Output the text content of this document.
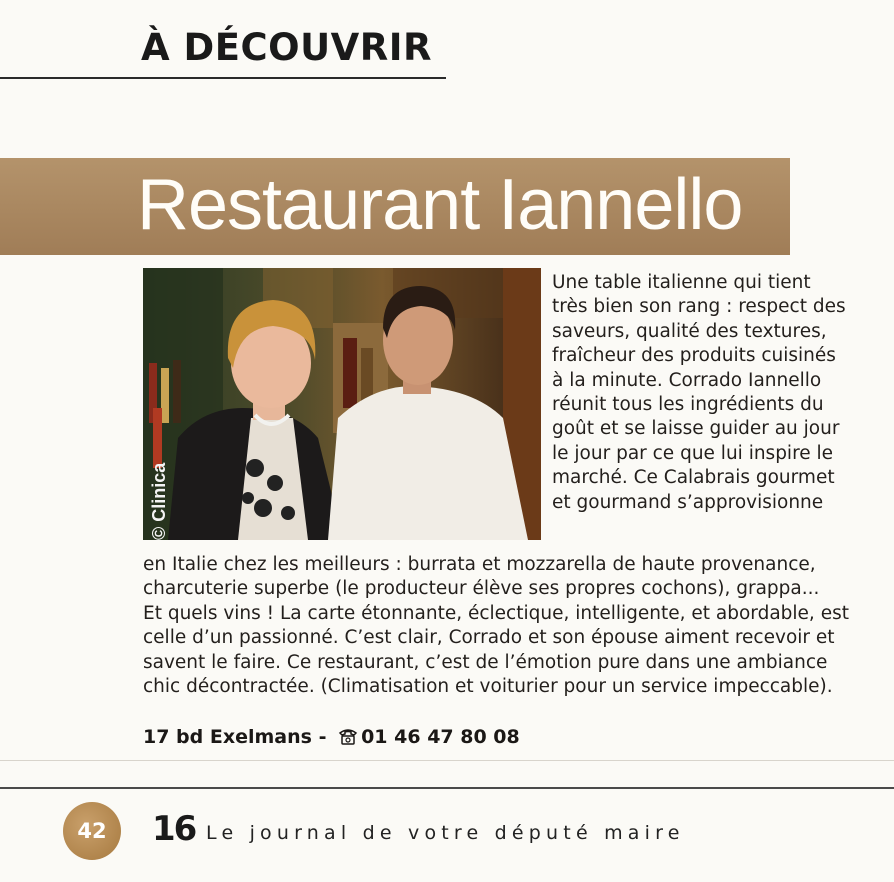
À DÉCOUVRIR
Restaurant Iannello
© Clinica
Une table italienne qui tient
très bien son rang : respect des
saveurs, qualité des textures,
fraîcheur des produits cuisinés
à la minute. Corrado Iannello
réunit tous les ingrédients du
goût et se laisse guider au jour
le jour par ce que lui inspire le
marché. Ce Calabrais gourmet
et gourmand s’approvisionne
en Italie chez les meilleurs : burrata et mozzarella de haute provenance,
charcuterie superbe (le producteur élève ses propres cochons), grappa...
Et quels vins ! La carte étonnante, éclectique, intelligente, et abordable, est
celle d’un passionné. C’est clair, Corrado et son épouse aiment recevoir et
savent le faire. Ce restaurant, c’est de l’émotion pure dans une ambiance
chic décontractée. (Climatisation et voiturier pour un service impeccable).
17 bd Exelmans - 01 46 47 80 08
42	16 Le journal de votre député maire
